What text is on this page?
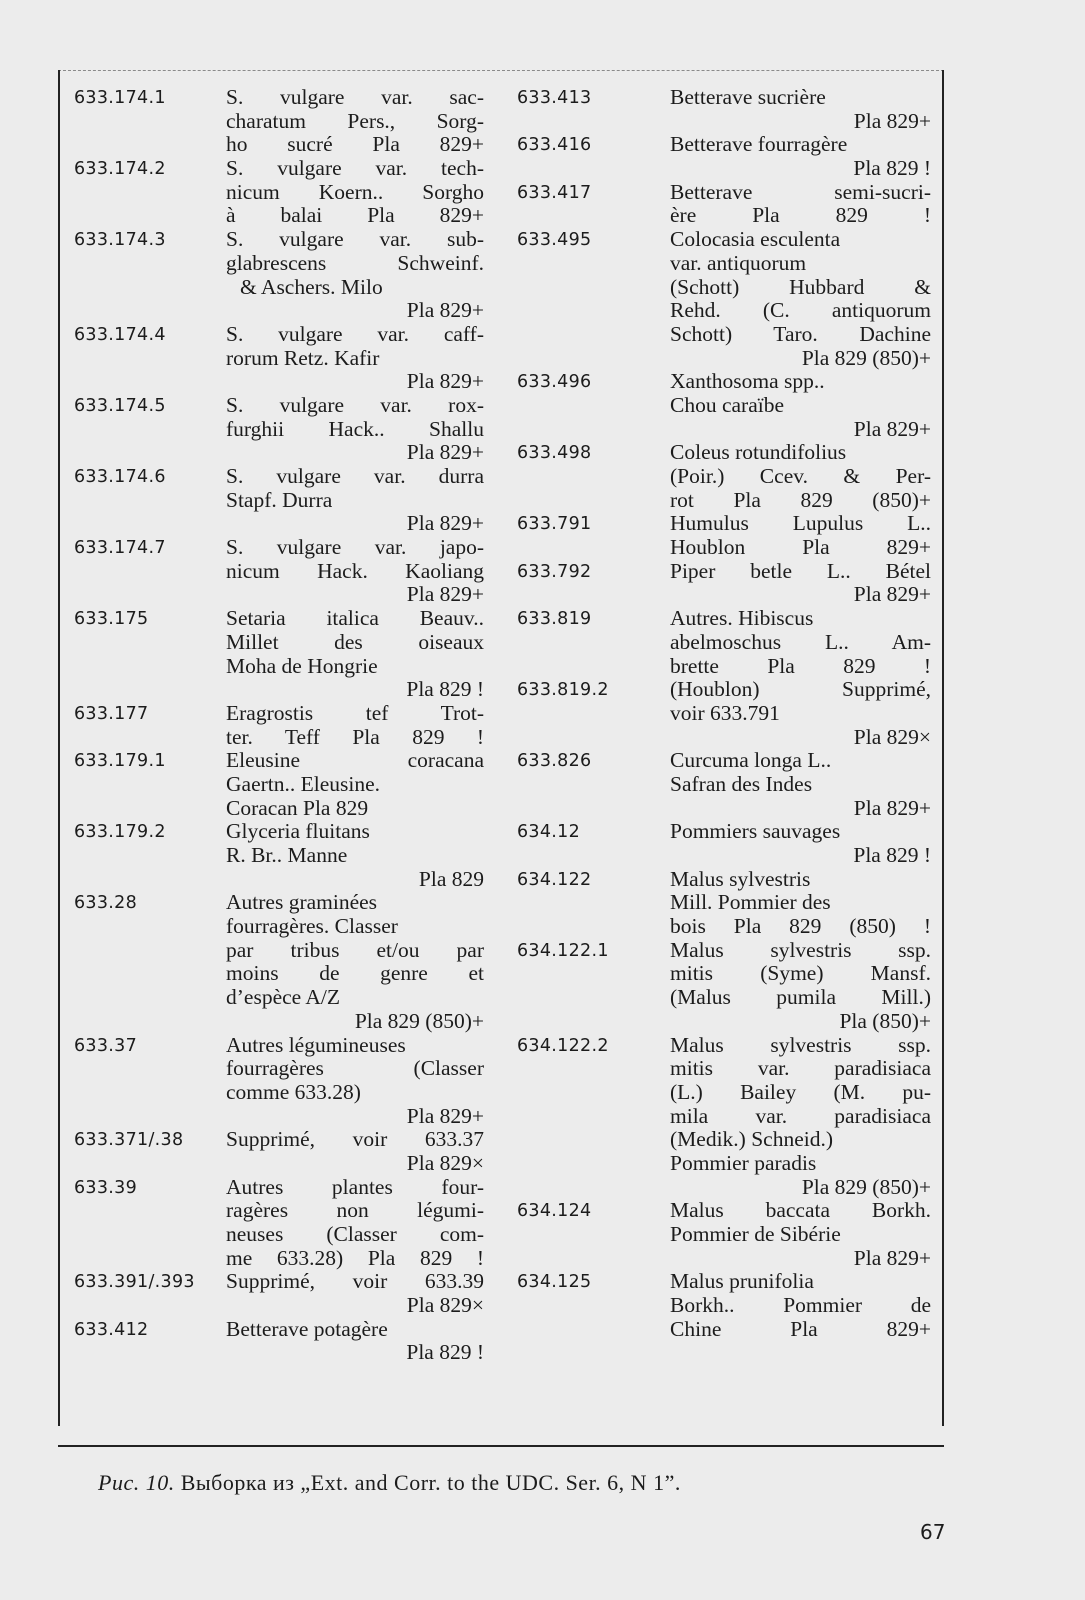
633.174.1	S. vulgare var. sac-
charatum Pers., Sorg-
ho sucré Pla 829+
633.174.2	S. vulgare var. tech-
nicum Koern.. Sorgho
à balai Pla 829+
633.174.3	S. vulgare var. sub-
glabrescens Schweinf.
& Aschers. Milo
Pla 829+
633.174.4	S. vulgare var. caff-
rorum Retz. Kafir
Pla 829+
633.174.5	S. vulgare var. rox-
furghii Hack.. Shallu
Pla 829+
633.174.6	S. vulgare var. durra
Stapf. Durra
Pla 829+
633.174.7	S. vulgare var. japo-
nicum Hack. Kaoliang
Pla 829+
633.175	Setaria italica Beauv..
Millet des oiseaux
Moha de Hongrie
Pla 829 !
633.177	Eragrostis tef Trot-
ter. Teff Pla 829 !
633.179.1	Eleusine coracana
Gaertn.. Eleusine.
Coracan Pla 829
633.179.2	Glyceria fluitans
R. Br.. Manne
Pla 829
633.28	Autres graminées
fourragères. Classer
par tribus et/ou par
moins de genre et
d’espèce A/Z
Pla 829 (850)+
633.37	Autres légumineuses
fourragères (Classer
comme 633.28)
Pla 829+
633.371/.38	Supprimé, voir 633.37
Pla 829×
633.39	Autres plantes four-
ragères non légumi-
neuses (Classer com-
me 633.28) Pla 829 !
633.391/.393	Supprimé, voir 633.39
Pla 829×
633.412	Betterave potagère
Pla 829 !
633.413	Betterave sucrière
Pla 829+
633.416	Betterave fourragère
Pla 829 !
633.417	Betterave semi-sucri-
ère Pla 829 !
633.495	Colocasia esculenta
var. antiquorum
(Schott) Hubbard &
Rehd. (C. antiquorum
Schott) Taro. Dachine
Pla 829 (850)+
633.496	Xanthosoma spp..
Chou caraïbe
Pla 829+
633.498	Coleus rotundifolius
(Poir.) Ccev. & Per-
rot Pla 829 (850)+
633.791	Humulus Lupulus L..
Houblon Pla 829+
633.792	Piper betle L.. Bétel
Pla 829+
633.819	Autres. Hibiscus
abelmoschus L.. Am-
brette Pla 829 !
633.819.2	(Houblon) Supprimé,
voir 633.791
Pla 829×
633.826	Curcuma longa L..
Safran des Indes
Pla 829+
634.12	Pommiers sauvages
Pla 829 !
634.122	Malus sylvestris
Mill. Pommier des
bois Pla 829 (850) !
634.122.1	Malus sylvestris ssp.
mitis (Syme) Mansf.
(Malus pumila Mill.)
Pla (850)+
634.122.2	Malus sylvestris ssp.
mitis var. paradisiaca
(L.) Bailey (M. pu-
mila var. paradisiaca
(Medik.) Schneid.)
Pommier paradis
Pla 829 (850)+
634.124	Malus baccata Borkh.
Pommier de Sibérie
Pla 829+
634.125	Malus prunifolia
Borkh.. Pommier de
Chine Pla 829+
Рис. 10. Выборка из „Ext. and Corr. to the UDC. Ser. 6, N 1”.
67
